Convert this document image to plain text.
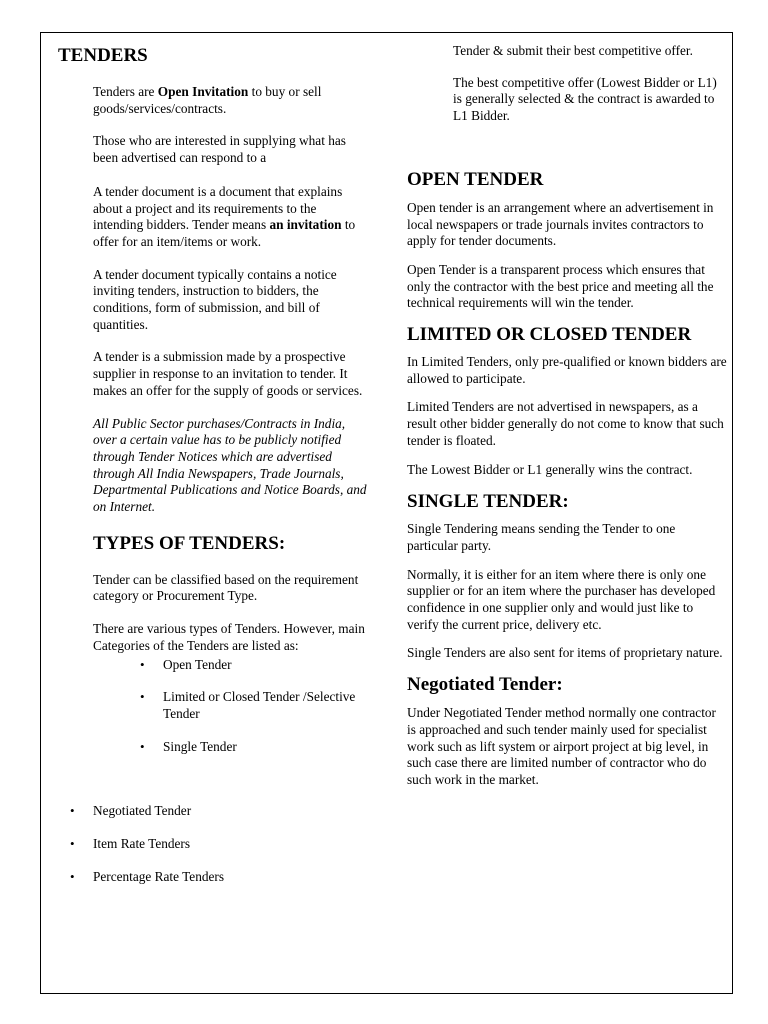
TENDERS

Tenders are Open Invitation to buy or sell goods/services/contracts.

Those who are interested in supplying what has been advertised can respond to a

A tender document is a document that explains about a project and its requirements to the intending bidders. Tender means an invitation to offer for an item/items or work.

A tender document typically contains a notice inviting tenders, instruction to bidders, the conditions, form of submission, and bill of quantities.

A tender is a submission made by a prospective supplier in response to an invitation to tender. It makes an offer for the supply of goods or services.

All Public Sector purchases/Contracts in India, over a certain value has to be publicly notified through Tender Notices which are advertised through All India Newspapers, Trade Journals, Departmental Publications and Notice Boards, and on Internet.

TYPES OF TENDERS:

Tender can be classified based on the requirement category or Procurement Type.

There are various types of Tenders. However, main Categories of the Tenders are listed as:

• Open Tender
• Limited or Closed Tender /Selective Tender
• Single Tender
• Negotiated Tender
• Item Rate Tenders
• Percentage Rate Tenders

Tender & submit their best competitive offer.

The best competitive offer (Lowest Bidder or L1) is generally selected & the contract is awarded to L1 Bidder.

OPEN TENDER

Open tender is an arrangement where an advertisement in local newspapers or trade journals invites contractors to apply for tender documents.

Open Tender is a transparent process which ensures that only the contractor with the best price and meeting all the technical requirements will win the tender.

LIMITED OR CLOSED TENDER

In Limited Tenders, only pre-qualified or known bidders are allowed to participate.

Limited Tenders are not advertised in newspapers, as a result other bidder generally do not come to know that such tender is floated.

The Lowest Bidder or L1 generally wins the contract.

SINGLE TENDER:

Single Tendering means sending the Tender to one particular party.

Normally, it is either for an item where there is only one supplier or for an item where the purchaser has developed confidence in one supplier only and would just like to verify the current price, delivery etc.

Single Tenders are also sent for items of proprietary nature.

Negotiated Tender:

Under Negotiated Tender method normally one contractor is approached and such tender mainly used for specialist work such as lift system or airport project at big level, in such case there are limited number of contractor who do such work in the market.
